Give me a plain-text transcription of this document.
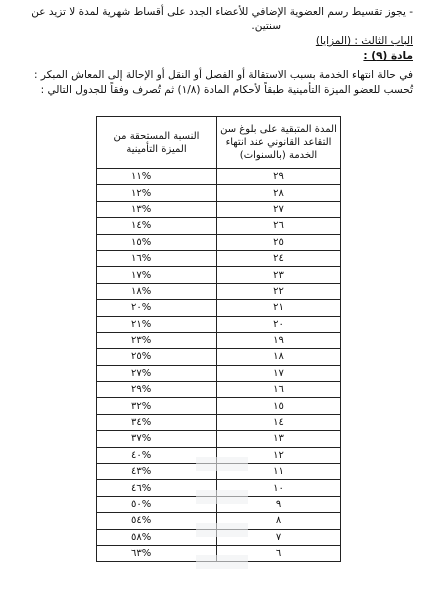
- يجوز تقسيط رسم العضوية الإضافي للأعضاء الجدد على أقساط شهرية لمدة لا تزيد عن
سنتين.
الباب الثالث : (المزايا)
مادة (٩) :
في حالة انتهاء الخدمة بسبب الاستقالة أو الفصل أو النقل أو الإحالة إلى المعاش المبكر :
تُحسب للعضو الميزة التأمينية طبقاً لأحكام المادة (١/٨) ثم تُصرف وفقاً للجدول التالي :
المدة المتبقية على بلوغ سن التقاعد القانوني عند انتهاء الخدمة (بالسنوات)	النسبة المستحقة من الميزة التأمينية
٢٩	%١١
٢٨	%١٢
٢٧	%١٣
٢٦	%١٤
٢٥	%١٥
٢٤	%١٦
٢٣	%١٧
٢٢	%١٨
٢١	%٢٠
٢٠	%٢١
١٩	%٢٣
١٨	%٢٥
١٧	%٢٧
١٦	%٢٩
١٥	%٣٢
١٤	%٣٤
١٣	%٣٧
١٢	%٤٠
١١	%٤٣
١٠	%٤٦
٩	%٥٠
٨	%٥٤
٧	%٥٨
٦	%٦٣
